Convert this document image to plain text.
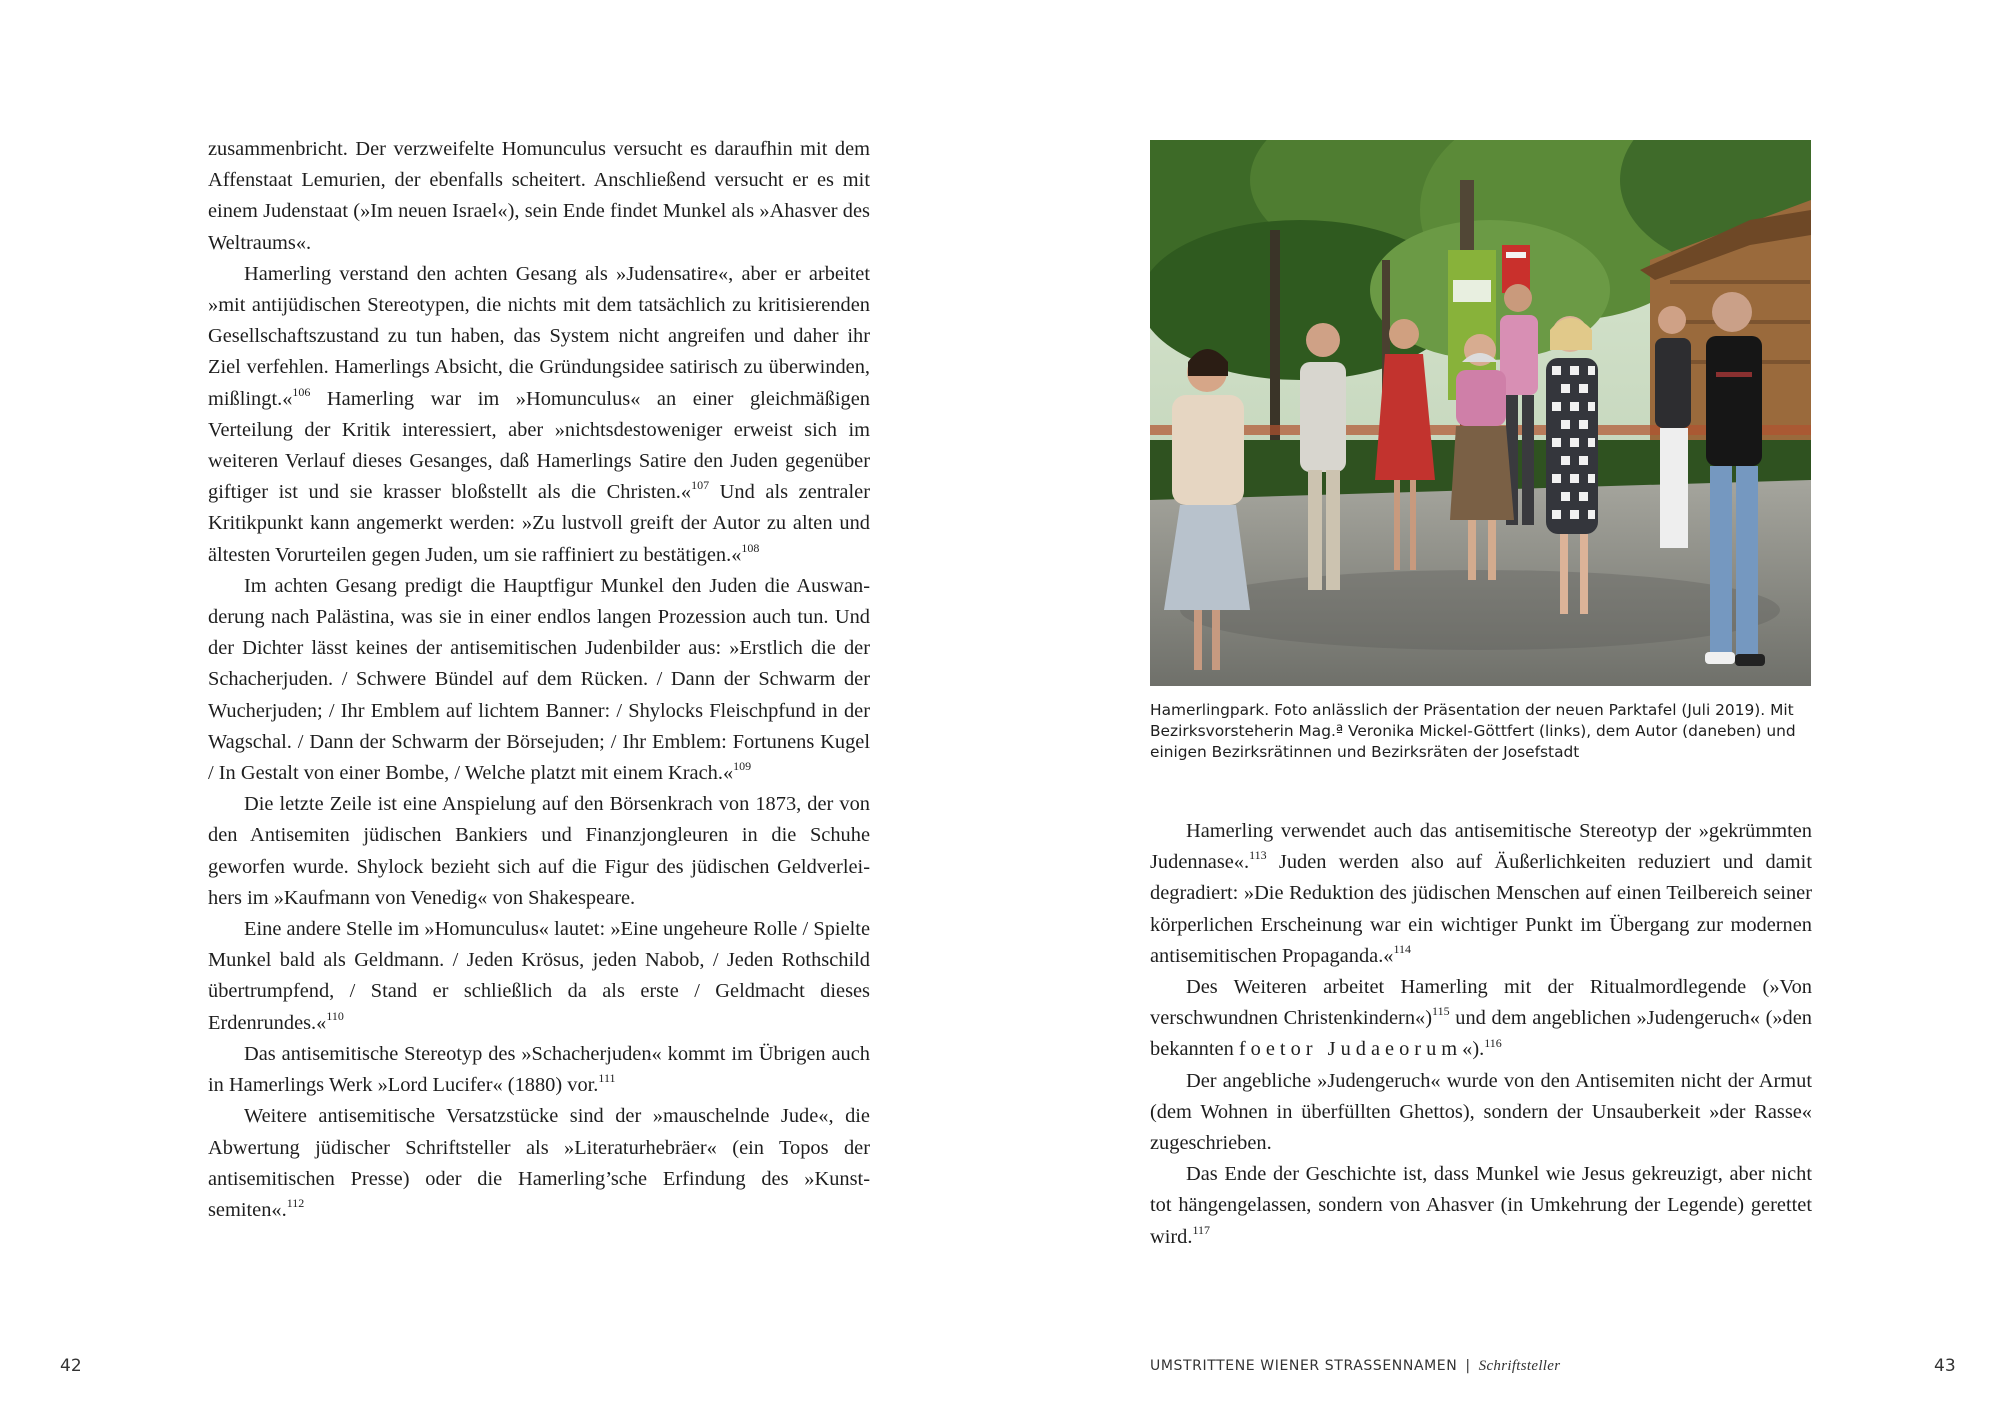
zusammenbricht. Der verzweifelte Homunculus versucht es daraufhin mit dem Affenstaat Lemurien, der ebenfalls scheitert. Anschließend versucht er es mit einem Judenstaat (»Im neuen Israel«), sein Ende findet Munkel als »Ahasver des Weltraums«.

Hamerling verstand den achten Gesang als »Judensatire«, aber er arbeitet »mit antijüdischen Stereotypen, die nichts mit dem tatsächlich zu kritisierenden Gesellschaftszustand zu tun haben, das System nicht angreifen und daher ihr Ziel verfehlen. Hamerlings Absicht, die Gründungsidee satirisch zu überwinden, mißlingt.«$^{106}$ Hamerling war im »Homunculus« an einer gleichmäßigen Verteilung der Kritik interessiert, aber »nichtsdestoweniger erweist sich im weiteren Verlauf dieses Gesanges, daß Hamerlings Satire den Juden gegenüber giftiger ist und sie krasser bloßstellt als die Christen.«$^{107}$ Und als zentraler Kritikpunkt kann angemerkt werden: »Zu lustvoll greift der Autor zu alten und ältesten Vorurteilen gegen Juden, um sie raffiniert zu bestätigen.«$^{108}$

Im achten Gesang predigt die Hauptfigur Munkel den Juden die Auswanderung nach Palästina, was sie in einer endlos langen Prozession auch tun. Und der Dichter lässt keines der antisemitischen Judenbilder aus: »Erstlich die der Schacherjuden. / Schwere Bündel auf dem Rücken. / Dann der Schwarm der Wucherjuden; / Ihr Emblem auf lichtem Banner: / Shylocks Fleischpfund in der Wagschal. / Dann der Schwarm der Börsejuden; / Ihr Emblem: Fortunens Kugel / In Gestalt von einer Bombe, / Welche platzt mit einem Krach.«$^{109}$

Die letzte Zeile ist eine Anspielung auf den Börsenkrach von 1873, der von den Antisemiten jüdischen Bankiers und Finanzjongleuren in die Schuhe geworfen wurde. Shylock bezieht sich auf die Figur des jüdischen Geldverleihers im »Kaufmann von Venedig« von Shakespeare.

Eine andere Stelle im »Homunculus« lautet: »Eine ungeheure Rolle / Spielte Munkel bald als Geldmann. / Jeden Krösus, jeden Nabob, / Jeden Rothschild übertrumpfend, / Stand er schließlich da als erste / Geldmacht dieses Erdenrundes.«$^{110}$

Das antisemitische Stereotyp des »Schacherjuden« kommt im Übrigen auch in Hamerlings Werk »Lord Lucifer« (1880) vor.$^{111}$

Weitere antisemitische Versatzstücke sind der »mauschelnde Jude«, die Abwertung jüdischer Schriftsteller als »Literaturhebräer« (ein Topos der antisemitischen Presse) oder die Hamerling’sche Erfindung des »Kunstsemiten«.$^{112}$

42
Hamerlingpark. Foto anlässlich der Präsentation der neuen Parktafel (Juli 2019). Mit Bezirksvorsteherin Mag.ª Veronika Mickel-Göttfert (links), dem Autor (daneben) und einigen Bezirksrätinnen und Bezirksräten der Josefstadt

Hamerling verwendet auch das antisemitische Stereotyp der »gekrümmten Judennase«.$^{113}$ Juden werden also auf Äußerlichkeiten reduziert und damit degradiert: »Die Reduktion des jüdischen Menschen auf einen Teilbereich seiner körperlichen Erscheinung war ein wichtiger Punkt im Übergang zur modernen antisemitischen Propaganda.«$^{114}$

Des Weiteren arbeitet Hamerling mit der Ritualmordlegende (»Von verschwundnen Christenkindern«)$^{115}$ und dem angeblichen »Judengeruch« (»den bekannten foetor Judaeorum«).$^{116}$

Der angebliche »Judengeruch« wurde von den Antisemiten nicht der Armut (dem Wohnen in überfüllten Ghettos), sondern der Unsauberkeit »der Rasse« zugeschrieben.

Das Ende der Geschichte ist, dass Munkel wie Jesus gekreuzigt, aber nicht tot hängengelassen, sondern von Ahasver (in Umkehrung der Legende) gerettet wird.$^{117}$

UMSTRITTENE WIENER STRASSENNAMEN | Schriftsteller	43
